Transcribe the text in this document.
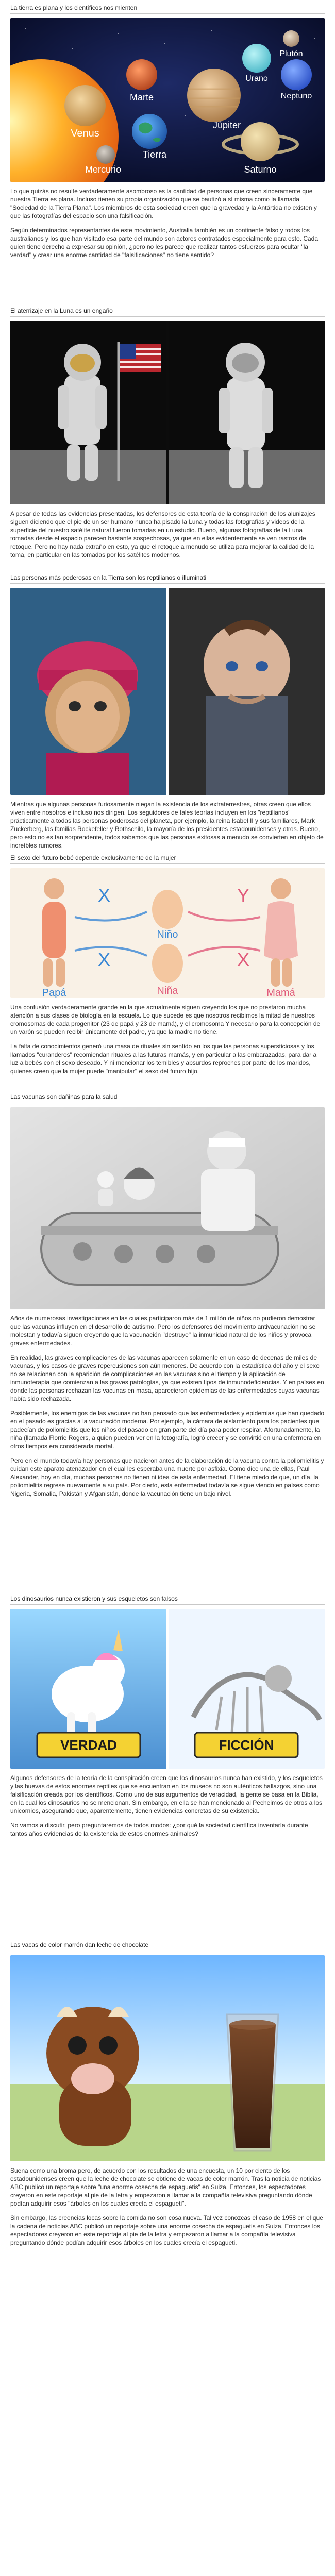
La tierra es plana y los científicos nos mienten
Plutón
Urano
Neptuno
Venus
Marte
Júpiter
Tierra
Mercurio	Saturno

Lo que quizás no resulte verdaderamente asombroso es la cantidad de personas que creen sinceramente que nuestra Tierra es plana. Incluso tienen su propia organización que se bautizó a sí misma como la llamada "Sociedad de la Tierra Plana". Los miembros de esta sociedad creen que la gravedad y la Antártida no existen y que las fotografías del espacio son una falsificación.

Según determinados representantes de este movimiento, Australia también es un continente falso y todos los australianos y los que han visitado esa parte del mundo son actores contratados especialmente para esto. Cada quien tiene derecho a expresar su opinión, ¿pero no les parece que realizar tantos esfuerzos para ocultar "la verdad" y crear una enorme cantidad de "falsificaciones" no tiene sentido?

El aterrizaje en la Luna es un engaño

A pesar de todas las evidencias presentadas, los defensores de esta teoría de la conspiración de los alunizajes siguen diciendo que el pie de un ser humano nunca ha pisado la Luna y todas las fotografías y videos de la superficie del nuestro satélite natural fueron tomadas en un estudio. Bueno, algunas fotografías de la Luna tomadas desde el espacio parecen bastante sospechosas, ya que en ellas evidentemente se ven rastros de retoque. Pero no hay nada extraño en esto, ya que el retoque a menudo se utiliza para mejorar la calidad de la toma, en particular en las tomadas por los satélites modernos.

Las personas más poderosas en la Tierra son los reptilianos o illuminati

Mientras que algunas personas furiosamente niegan la existencia de los extraterrestres, otras creen que ellos viven entre nosotros e incluso nos dirigen. Los seguidores de tales teorías incluyen en los "reptilianos" prácticamente a todas las personas poderosas del planeta, por ejemplo, la reina Isabel II y sus familiares, Mark Zuckerberg, las familias Rockefeller y Rothschild, la mayoría de los presidentes estadounidenses y otros. Bueno, pero esto no es tan sorprendente, todos sabemos que las personas exitosas a menudo se convierten en objeto de increíbles rumores.

El sexo del futuro bebé depende exclusivamente de la mujer
X	Y
X	X
Niño
Niña
Papá	Mamá

Una confusión verdaderamente grande en la que actualmente siguen creyendo los que no prestaron mucha atención a sus clases de biología en la escuela. Lo que sucede es que nosotros recibimos la mitad de nuestros cromosomas de cada progenitor (23 de papá y 23 de mamá), y el cromosoma Y necesario para la concepción de un varón se pueden recibir únicamente del padre, ya que la madre no tiene.

La falta de conocimientos generó una masa de rituales sin sentido en los que las personas supersticiosas y los llamados "curanderos" recomiendan rituales a las futuras mamás, y en particular a las embarazadas, para dar a luz a bebés con el sexo deseado. Y ni mencionar los temibles y absurdos reproches por parte de los maridos, quienes creen que la mujer puede "manipular" el sexo del futuro hijo.

Las vacunas son dañinas para la salud

Años de numerosas investigaciones en las cuales participaron más de 1 millón de niños no pudieron demostrar que las vacunas influyen en el desarrollo de autismo. Pero los defensores del movimiento antivacunación no se molestan y todavía siguen creyendo que la vacunación "destruye" la inmunidad natural de los niños y provoca graves enfermedades.

En realidad, las graves complicaciones de las vacunas aparecen solamente en un caso de decenas de miles de vacunas, y los casos de graves repercusiones son aún menores. De acuerdo con la estadística del año y el sexo no se relacionan con la aparición de complicaciones en las vacunas sino el tiempo y la aplicación de inmunoterapia que comienzan a las graves patologías, ya que existen tipos de inmunodeficiencias. Y en países en donde las personas rechazan las vacunas en masa, aparecieron epidemias de las enfermedades cuyas vacunas había sido rechazada.

Posiblemente, los enemigos de las vacunas no han pensado que las enfermedades y epidemias que han quedado en el pasado es gracias a la vacunación moderna. Por ejemplo, la cámara de aislamiento para los pacientes que padecían de poliomielitis que los niños del pasado en gran parte del día para poder respirar. Afortunadamente, la niña (llamada Florrie Rogers, a quien pueden ver en la fotografía, logró crecer y se convirtió en una enfermera en otros tiempos era considerada mortal.

Pero en el mundo todavía hay personas que nacieron antes de la elaboración de la vacuna contra la poliomielitis y cuidan este aparato atenazador en el cual les esperaba una muerte por asfixia. Como dice una de ellas, Paul Alexander, hoy en día, muchas personas no tienen ni idea de esta enfermedad. El tiene miedo de que, un día, la poliomielitis regrese nuevamente a su país. Por cierto, esta enfermedad todavía se sigue viendo en países como Nigeria, Somalia, Pakistán y Afganistán, donde la vacunación tiene un bajo nivel.

Los dinosaurios nunca existieron y sus esqueletos son falsos
VERDAD	FICCIÓN

Algunos defensores de la teoría de la conspiración creen que los dinosaurios nunca han existido, y los esqueletos y las huevas de estos enormes reptiles que se encuentran en los museos no son auténticos hallazgos, sino una falsificación creada por los científicos. Como uno de sus argumentos de veracidad, la gente se basa en la Biblia, en la cual los dinosaurios no se mencionan. Sin embargo, en ella se han mencionado al Pecheimos de otros a los unicornios, asegurando que, aparentemente, tienen evidencias concretas de su existencia.

No vamos a discutir, pero preguntaremos de todos modos: ¿por qué la sociedad científica inventaría durante tantos años evidencias de la existencia de estos enormes animales?

Las vacas de color marrón dan leche de chocolate

Suena como una broma pero, de acuerdo con los resultados de una encuesta, un 10 por ciento de los estadounidenses creen que la leche de chocolate se obtiene de vacas de color marrón. Tras la noticia de noticias ABC publicó un reportaje sobre "una enorme cosecha de espaguetis" en Suiza. Entonces, los espectadores creyeron en este reportaje al pie de la letra y empezaron a llamar a la compañía televisiva preguntando dónde podían adquirir esos "árboles en los cuales crecía el espagueti".

Sin embargo, las creencias locas sobre la comida no son cosa nueva. Tal vez conozcas el caso de 1958 en el que la cadena de noticias ABC publicó un reportaje sobre una enorme cosecha de espaguetis en Suiza. Entonces los espectadores creyeron en este reportaje al pie de la letra y empezaron a llamar a la compañía televisiva preguntando dónde podían adquirir esos árboles en los cuales crecía el espagueti.
